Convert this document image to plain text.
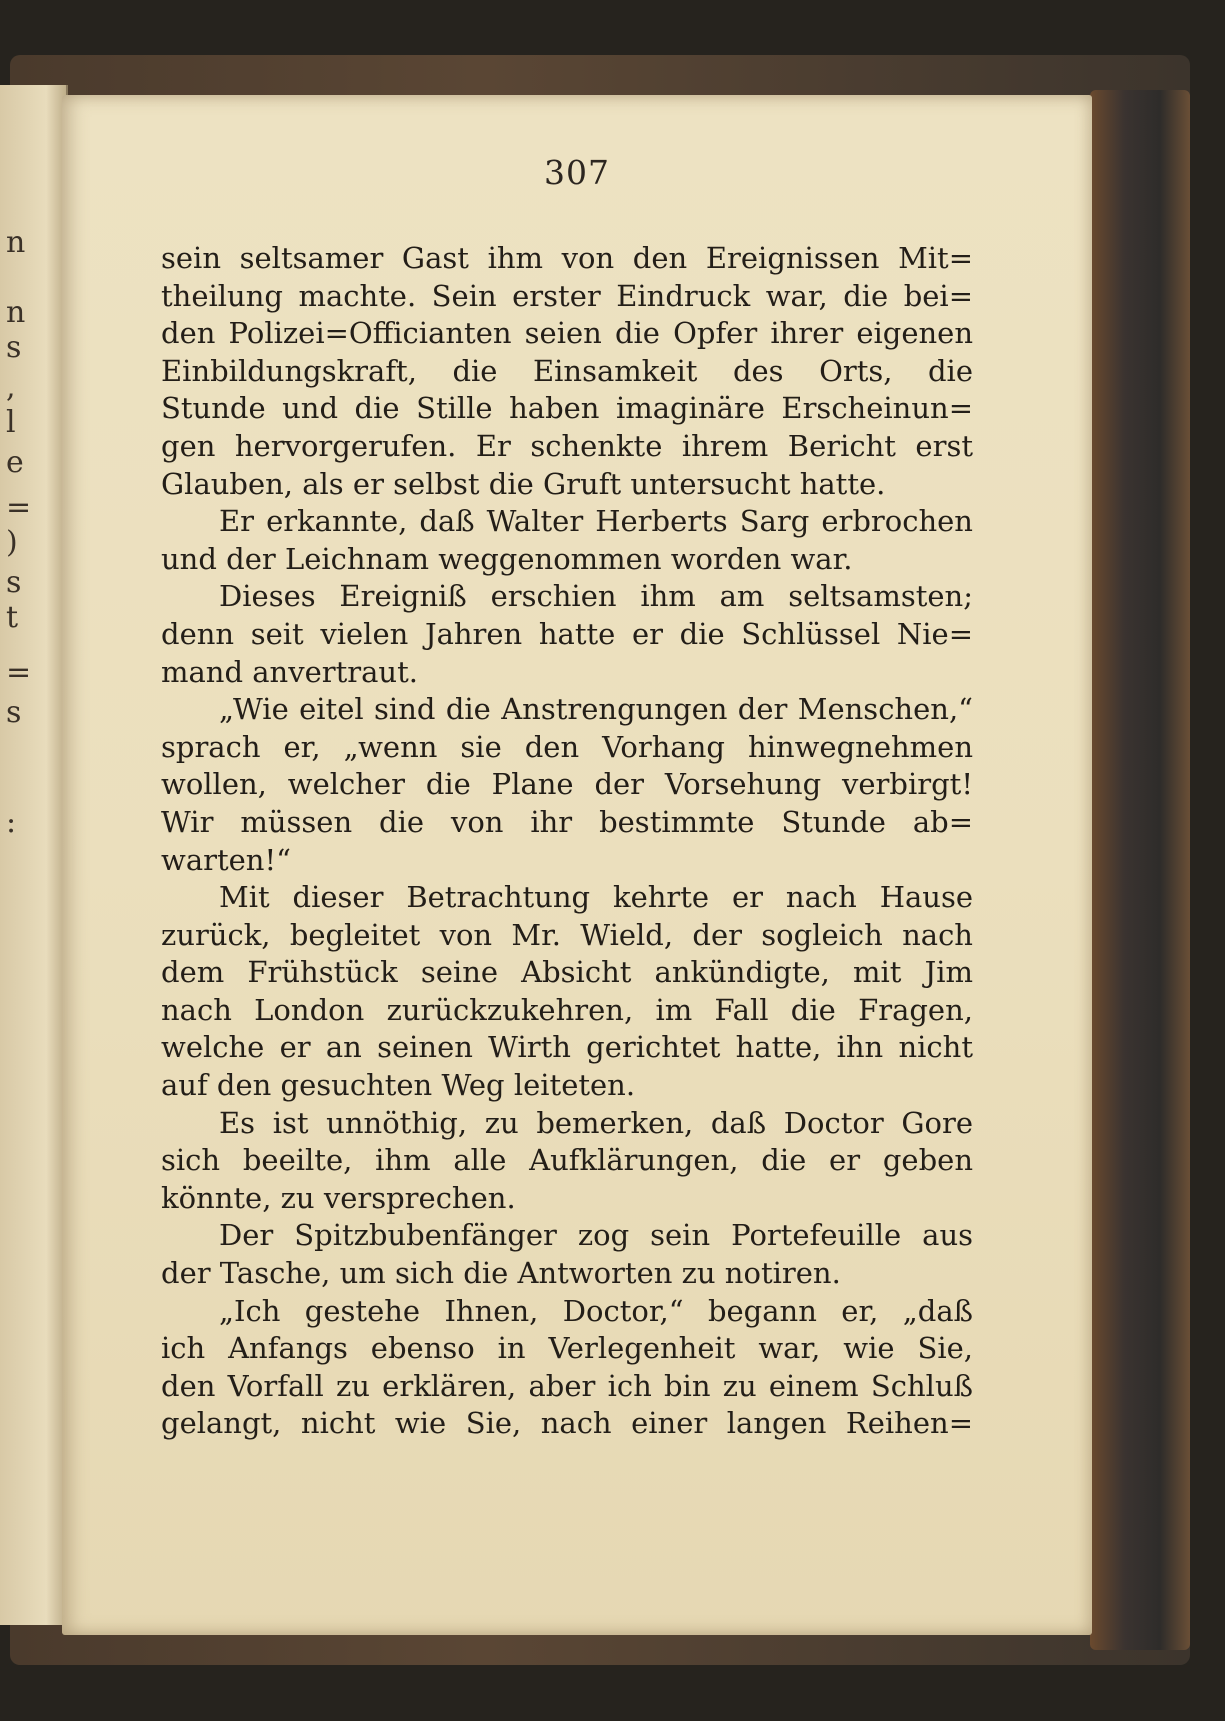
n
n
s
,
l
e
=
)
s
t
=
s
:
307
sein seltsamer Gast ihm von den Ereignissen Mit=
theilung machte. Sein erster Eindruck war, die bei=
den Polizei=Officianten seien die Opfer ihrer eigenen
Einbildungskraft, die Einsamkeit des Orts, die
Stunde und die Stille haben imaginäre Erscheinun=
gen hervorgerufen. Er schenkte ihrem Bericht erst
Glauben, als er selbst die Gruft untersucht hatte.
Er erkannte, daß Walter Herberts Sarg erbrochen
und der Leichnam weggenommen worden war.
Dieses Ereigniß erschien ihm am seltsamsten;
denn seit vielen Jahren hatte er die Schlüssel Nie=
mand anvertraut.
„Wie eitel sind die Anstrengungen der Menschen,“
sprach er, „wenn sie den Vorhang hinwegnehmen
wollen, welcher die Plane der Vorsehung verbirgt!
Wir müssen die von ihr bestimmte Stunde ab=
warten!“
Mit dieser Betrachtung kehrte er nach Hause
zurück, begleitet von Mr. Wield, der sogleich nach
dem Frühstück seine Absicht ankündigte, mit Jim
nach London zurückzukehren, im Fall die Fragen,
welche er an seinen Wirth gerichtet hatte, ihn nicht
auf den gesuchten Weg leiteten.
Es ist unnöthig, zu bemerken, daß Doctor Gore
sich beeilte, ihm alle Aufklärungen, die er geben
könnte, zu versprechen.
Der Spitzbubenfänger zog sein Portefeuille aus
der Tasche, um sich die Antworten zu notiren.
„Ich gestehe Ihnen, Doctor,“ begann er, „daß
ich Anfangs ebenso in Verlegenheit war, wie Sie,
den Vorfall zu erklären, aber ich bin zu einem Schluß
gelangt, nicht wie Sie, nach einer langen Reihen=
